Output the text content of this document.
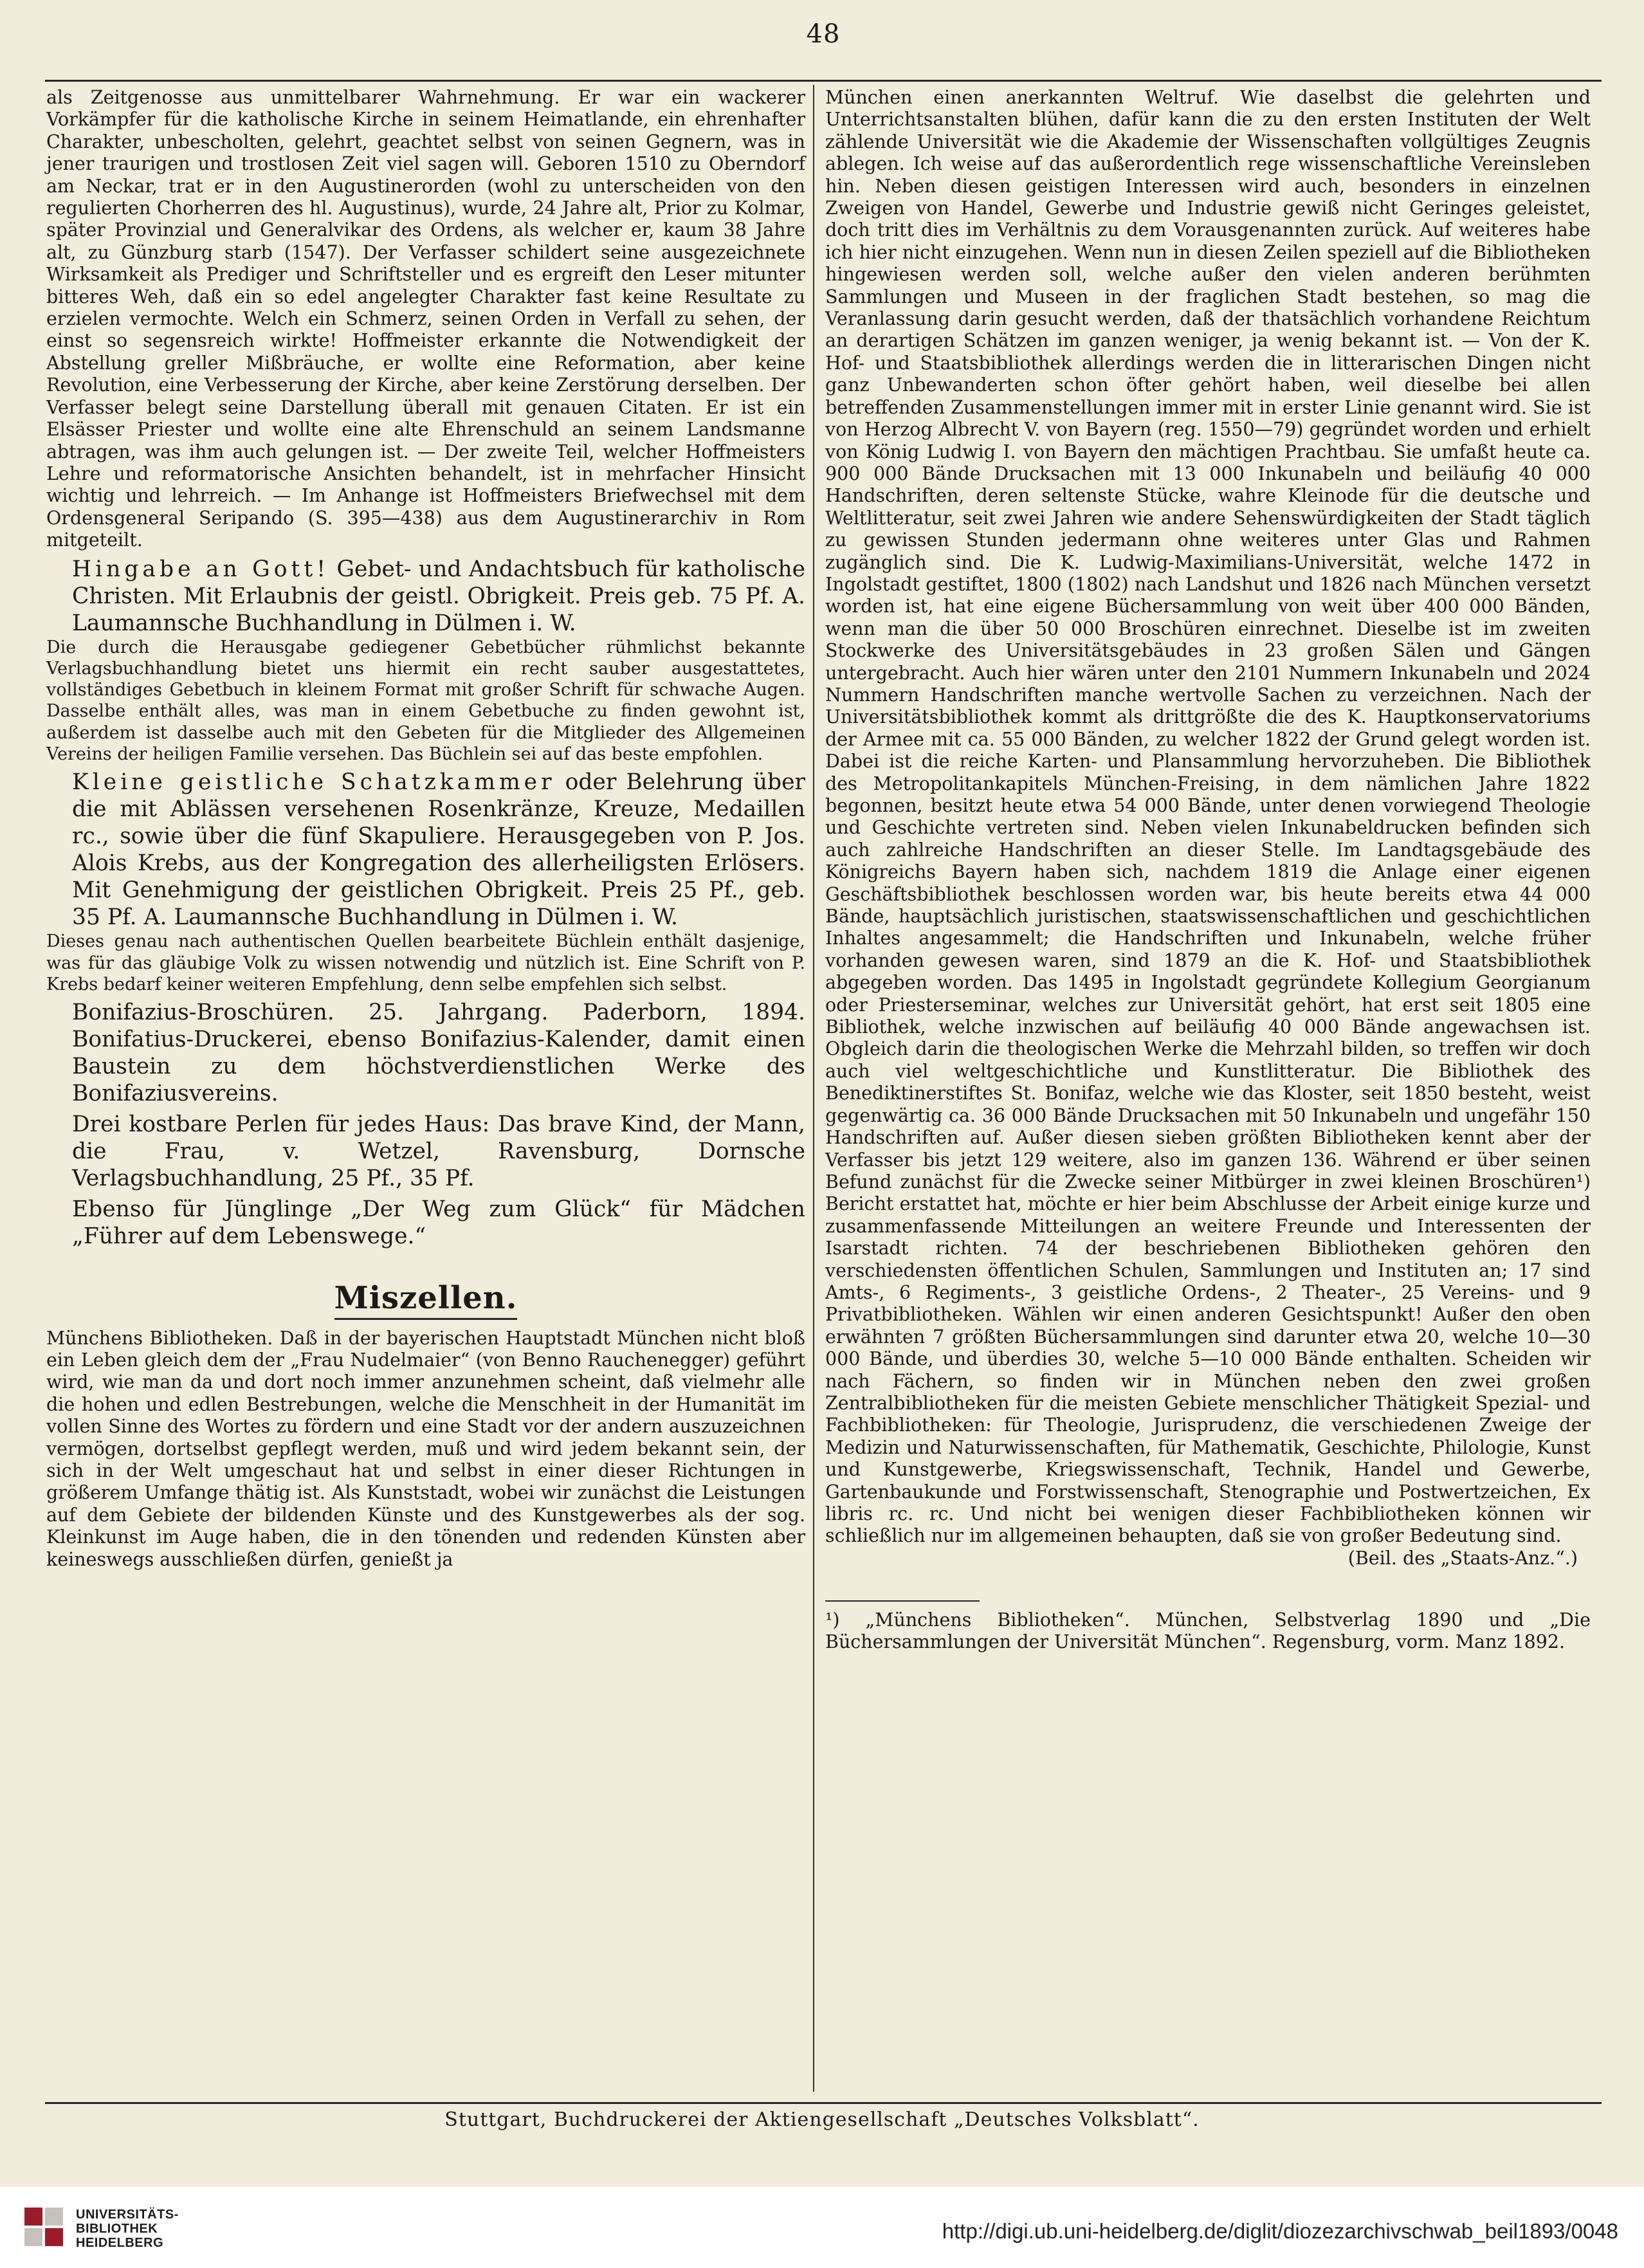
48

als Zeitgenosse aus unmittelbarer Wahrnehmung. Er war ein wackerer Vorkämpfer für die katholische Kirche in seinem Heimatlande, ein ehrenhafter Charakter, unbescholten, gelehrt, geachtet selbst von seinen Gegnern, was in jener traurigen und trostlosen Zeit viel sagen will. Geboren 1510 zu Oberndorf am Neckar, trat er in den Augustinerorden (wohl zu unterscheiden von den regulierten Chorherren des hl. Augustinus), wurde, 24 Jahre alt, Prior zu Kolmar, später Provinzial und Generalvikar des Ordens, als welcher er, kaum 38 Jahre alt, zu Günzburg starb (1547). Der Verfasser schildert seine ausgezeichnete Wirksamkeit als Prediger und Schriftsteller und es ergreift den Leser mitunter bitteres Weh, daß ein so edel angelegter Charakter fast keine Resultate zu erzielen vermochte. Welch ein Schmerz, seinen Orden in Verfall zu sehen, der einst so segensreich wirkte! Hoffmeister erkannte die Notwendigkeit der Abstellung greller Mißbräuche, er wollte eine Reformation, aber keine Revolution, eine Verbesserung der Kirche, aber keine Zerstörung derselben. Der Verfasser belegt seine Darstellung überall mit genauen Citaten. Er ist ein Elsässer Priester und wollte eine alte Ehrenschuld an seinem Landsmanne abtragen, was ihm auch gelungen ist. — Der zweite Teil, welcher Hoffmeisters Lehre und reformatorische Ansichten behandelt, ist in mehrfacher Hinsicht wichtig und lehrreich. — Im Anhange ist Hoffmeisters Briefwechsel mit dem Ordensgeneral Seripando (S. 395—438) aus dem Augustinerarchiv in Rom mitgeteilt.

Hingabe an Gott! Gebet- und Andachtsbuch für katholische Christen. Mit Erlaubnis der geistl. Obrigkeit. Preis geb. 75 Pf. A. Laumannsche Buchhandlung in Dülmen i. W.

Die durch die Herausgabe gediegener Gebetbücher rühmlichst bekannte Verlagsbuchhandlung bietet uns hiermit ein recht sauber ausgestattetes, vollständiges Gebetbuch in kleinem Format mit großer Schrift für schwache Augen. Dasselbe enthält alles, was man in einem Gebetbuche zu finden gewohnt ist, außerdem ist dasselbe auch mit den Gebeten für die Mitglieder des Allgemeinen Vereins der heiligen Familie versehen. Das Büchlein sei auf das beste empfohlen.

Kleine geistliche Schatzkammer oder Belehrung über die mit Ablässen versehenen Rosenkränze, Kreuze, Medaillen rc., sowie über die fünf Skapuliere. Herausgegeben von P. Jos. Alois Krebs, aus der Kongregation des allerheiligsten Erlösers. Mit Genehmigung der geistlichen Obrigkeit. Preis 25 Pf., geb. 35 Pf. A. Laumannsche Buchhandlung in Dülmen i. W.

Dieses genau nach authentischen Quellen bearbeitete Büchlein enthält dasjenige, was für das gläubige Volk zu wissen notwendig und nützlich ist. Eine Schrift von P. Krebs bedarf keiner weiteren Empfehlung, denn selbe empfehlen sich selbst.

Bonifazius-Broschüren. 25. Jahrgang. Paderborn, 1894. Bonifatius-Druckerei, ebenso Bonifazius-Kalender, damit einen Baustein zu dem höchstverdienstlichen Werke des Bonifaziusvereins.

Drei kostbare Perlen für jedes Haus: Das brave Kind, der Mann, die Frau, v. Wetzel, Ravensburg, Dornsche Verlagsbuchhandlung, 25 Pf., 35 Pf.

Ebenso für Jünglinge „Der Weg zum Glück“ für Mädchen „Führer auf dem Lebenswege.“

Miszellen.

Münchens Bibliotheken. Daß in der bayerischen Hauptstadt München nicht bloß ein Leben gleich dem der „Frau Nudelmaier“ (von Benno Rauchenegger) geführt wird, wie man da und dort noch immer anzunehmen scheint, daß vielmehr alle die hohen und edlen Bestrebungen, welche die Menschheit in der Humanität im vollen Sinne des Wortes zu fördern und eine Stadt vor der andern auszuzeichnen vermögen, dortselbst gepflegt werden, muß und wird jedem bekannt sein, der sich in der Welt umgeschaut hat und selbst in einer dieser Richtungen in größerem Umfange thätig ist. Als Kunststadt, wobei wir zunächst die Leistungen auf dem Gebiete der bildenden Künste und des Kunstgewerbes als der sog. Kleinkunst im Auge haben, die in den tönenden und redenden Künsten aber keineswegs ausschließen dürfen, genießt ja

München einen anerkannten Weltruf. Wie daselbst die gelehrten und Unterrichtsanstalten blühen, dafür kann die zu den ersten Instituten der Welt zählende Universität wie die Akademie der Wissenschaften vollgültiges Zeugnis ablegen. Ich weise auf das außerordentlich rege wissenschaftliche Vereinsleben hin. Neben diesen geistigen Interessen wird auch, besonders in einzelnen Zweigen von Handel, Gewerbe und Industrie gewiß nicht Geringes geleistet, doch tritt dies im Verhältnis zu dem Vorausgenannten zurück. Auf weiteres habe ich hier nicht einzugehen. Wenn nun in diesen Zeilen speziell auf die Bibliotheken hingewiesen werden soll, welche außer den vielen anderen berühmten Sammlungen und Museen in der fraglichen Stadt bestehen, so mag die Veranlassung darin gesucht werden, daß der thatsächlich vorhandene Reichtum an derartigen Schätzen im ganzen weniger, ja wenig bekannt ist. — Von der K. Hof- und Staatsbibliothek allerdings werden die in litterarischen Dingen nicht ganz Unbewanderten schon öfter gehört haben, weil dieselbe bei allen betreffenden Zusammenstellungen immer mit in erster Linie genannt wird. Sie ist von Herzog Albrecht V. von Bayern (reg. 1550—79) gegründet worden und erhielt von König Ludwig I. von Bayern den mächtigen Prachtbau. Sie umfaßt heute ca. 900 000 Bände Drucksachen mit 13 000 Inkunabeln und beiläufig 40 000 Handschriften, deren seltenste Stücke, wahre Kleinode für die deutsche und Weltlitteratur, seit zwei Jahren wie andere Sehenswürdigkeiten der Stadt täglich zu gewissen Stunden jedermann ohne weiteres unter Glas und Rahmen zugänglich sind. Die K. Ludwig-Maximilians-Universität, welche 1472 in Ingolstadt gestiftet, 1800 (1802) nach Landshut und 1826 nach München versetzt worden ist, hat eine eigene Büchersammlung von weit über 400 000 Bänden, wenn man die über 50 000 Broschüren einrechnet. Dieselbe ist im zweiten Stockwerke des Universitätsgebäudes in 23 großen Sälen und Gängen untergebracht. Auch hier wären unter den 2101 Nummern Inkunabeln und 2024 Nummern Handschriften manche wertvolle Sachen zu verzeichnen. Nach der Universitätsbibliothek kommt als drittgrößte die des K. Hauptkonservatoriums der Armee mit ca. 55 000 Bänden, zu welcher 1822 der Grund gelegt worden ist. Dabei ist die reiche Karten- und Plansammlung hervorzuheben. Die Bibliothek des Metropolitankapitels München-Freising, in dem nämlichen Jahre 1822 begonnen, besitzt heute etwa 54 000 Bände, unter denen vorwiegend Theologie und Geschichte vertreten sind. Neben vielen Inkunabeldrucken befinden sich auch zahlreiche Handschriften an dieser Stelle. Im Landtagsgebäude des Königreichs Bayern haben sich, nachdem 1819 die Anlage einer eigenen Geschäftsbibliothek beschlossen worden war, bis heute bereits etwa 44 000 Bände, hauptsächlich juristischen, staatswissenschaftlichen und geschichtlichen Inhaltes angesammelt; die Handschriften und Inkunabeln, welche früher vorhanden gewesen waren, sind 1879 an die K. Hof- und Staatsbibliothek abgegeben worden. Das 1495 in Ingolstadt gegründete Kollegium Georgianum oder Priesterseminar, welches zur Universität gehört, hat erst seit 1805 eine Bibliothek, welche inzwischen auf beiläufig 40 000 Bände angewachsen ist. Obgleich darin die theologischen Werke die Mehrzahl bilden, so treffen wir doch auch viel weltgeschichtliche und Kunstlitteratur. Die Bibliothek des Benediktinerstiftes St. Bonifaz, welche wie das Kloster, seit 1850 besteht, weist gegenwärtig ca. 36 000 Bände Drucksachen mit 50 Inkunabeln und ungefähr 150 Handschriften auf. Außer diesen sieben größten Bibliotheken kennt aber der Verfasser bis jetzt 129 weitere, also im ganzen 136. Während er über seinen Befund zunächst für die Zwecke seiner Mitbürger in zwei kleinen Broschüren¹) Bericht erstattet hat, möchte er hier beim Abschlusse der Arbeit einige kurze und zusammenfassende Mitteilungen an weitere Freunde und Interessenten der Isarstadt richten. 74 der beschriebenen Bibliotheken gehören den verschiedensten öffentlichen Schulen, Sammlungen und Instituten an; 17 sind Amts-, 6 Regiments-, 3 geistliche Ordens-, 2 Theater-, 25 Vereins- und 9 Privatbibliotheken. Wählen wir einen anderen Gesichtspunkt! Außer den oben erwähnten 7 größten Büchersammlungen sind darunter etwa 20, welche 10—30 000 Bände, und überdies 30, welche 5—10 000 Bände enthalten. Scheiden wir nach Fächern, so finden wir in München neben den zwei großen Zentralbibliotheken für die meisten Gebiete menschlicher Thätigkeit Spezial- und Fachbibliotheken: für Theologie, Jurisprudenz, die verschiedenen Zweige der Medizin und Naturwissenschaften, für Mathematik, Geschichte, Philologie, Kunst und Kunstgewerbe, Kriegswissenschaft, Technik, Handel und Gewerbe, Gartenbaukunde und Forstwissenschaft, Stenographie und Postwertzeichen, Ex libris rc. rc. Und nicht bei wenigen dieser Fachbibliotheken können wir schließlich nur im allgemeinen behaupten, daß sie von großer Bedeutung sind.

(Beil. des „Staats-Anz.“.)

¹) „Münchens Bibliotheken“. München, Selbstverlag 1890 und „Die Büchersammlungen der Universität München“. Regensburg, vorm. Manz 1892.

Stuttgart, Buchdruckerei der Aktiengesellschaft „Deutsches Volksblatt“.
UNIVERSITÄTS-
BIBLIOTHEK
HEIDELBERG	http://digi.ub.uni-heidelberg.de/diglit/diozezarchivschwab_beil1893/0048
